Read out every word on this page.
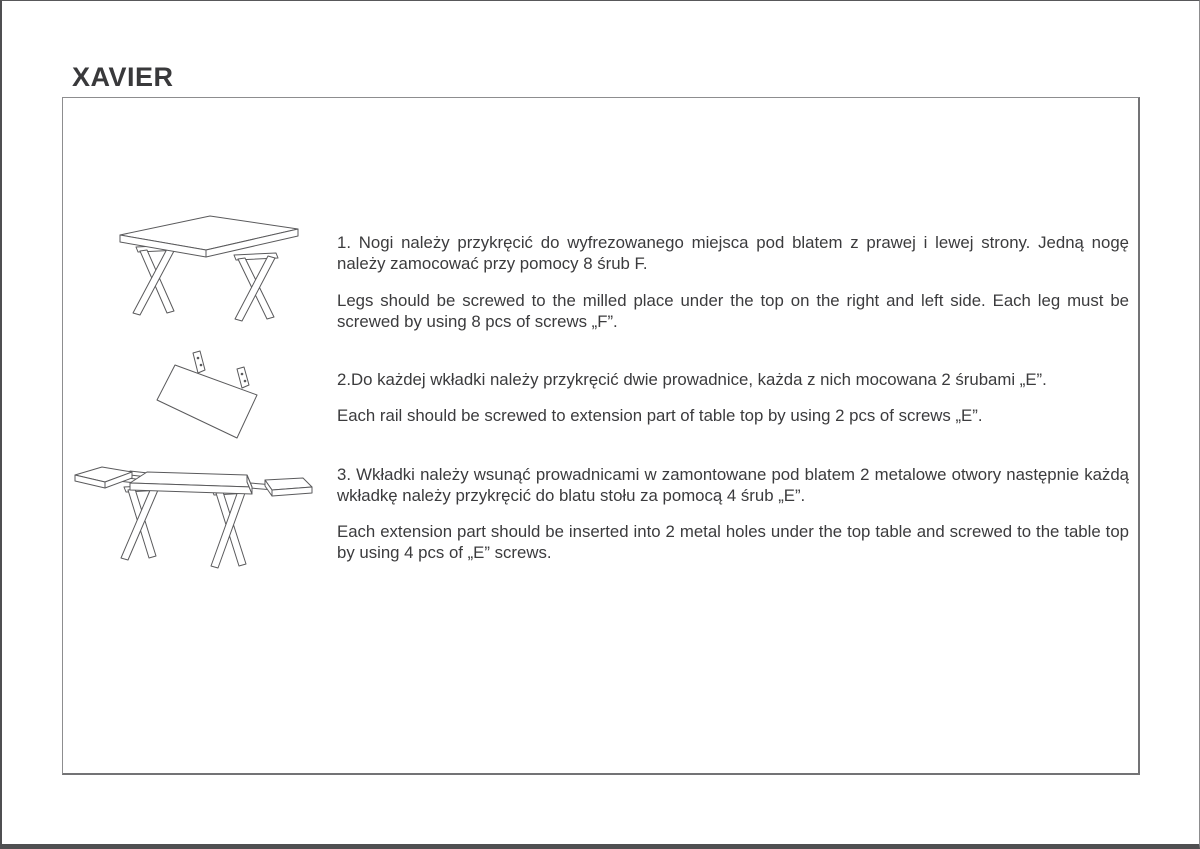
XAVIER

1. Nogi należy przykręcić do wyfrezowanego miejsca pod blatem z prawej i lewej strony. Jedną nogę należy zamocować przy pomocy 8 śrub F.

Legs should be screwed to the milled place under the top on the right and left side. Each leg must be screwed by using 8 pcs of screws „F”.

2.Do każdej wkładki należy przykręcić dwie prowadnice, każda z nich mocowana 2 śrubami „E”.

Each rail should be screwed to extension part of table top by using 2 pcs of screws „E”.

3. Wkładki należy wsunąć prowadnicami w zamontowane pod blatem 2 metalowe otwory następnie każdą wkładkę należy przykręcić do blatu stołu za pomocą 4 śrub „E”.

Each extension part should be inserted into 2 metal holes under the top table and screwed to the table top by using 4 pcs of „E” screws.
